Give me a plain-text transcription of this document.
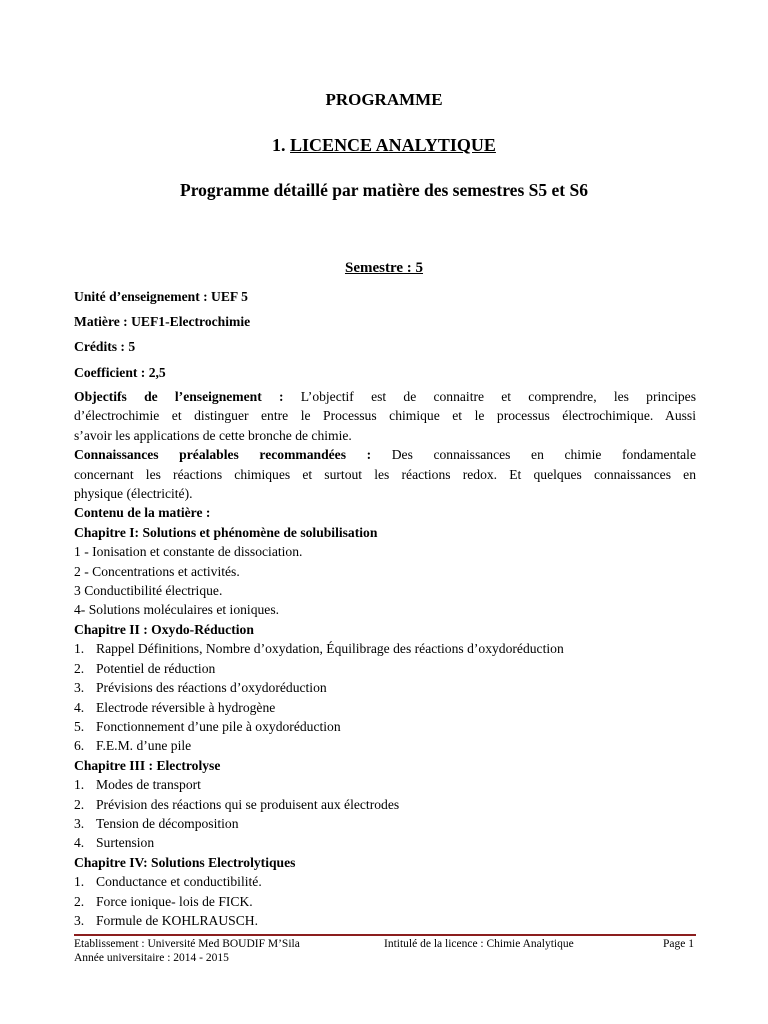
PROGRAMME
1. LICENCE ANALYTIQUE
Programme détaillé par matière des semestres S5 et S6
Semestre : 5
Unité d’enseignement : UEF 5
Matière : UEF1-Electrochimie
Crédits : 5
Coefficient : 2,5
Objectifs de l’enseignement : L’objectif est de connaitre et comprendre, les principes
d’électrochimie et distinguer entre le Processus chimique et le processus électrochimique. Aussi
s’avoir les applications de cette bronche de chimie.
Connaissances préalables recommandées : Des connaissances en chimie fondamentale
concernant les réactions chimiques et surtout les réactions redox. Et quelques connaissances en
physique (électricité).
Contenu de la matière :
Chapitre I: Solutions et phénomène de solubilisation
1 - Ionisation et constante de dissociation.
2 - Concentrations et activités.
3 Conductibilité électrique.
4- Solutions moléculaires et ioniques.
Chapitre II : Oxydo-Réduction
1. Rappel Définitions, Nombre d’oxydation, Équilibrage des réactions d’oxydoréduction
2. Potentiel de réduction
3. Prévisions des réactions d’oxydoréduction
4. Electrode réversible à hydrogène
5. Fonctionnement d’une pile à oxydoréduction
6. F.E.M. d’une pile
Chapitre III : Electrolyse
1. Modes de transport
2. Prévision des réactions qui se produisent aux électrodes
3. Tension de décomposition
4. Surtension
Chapitre IV: Solutions Electrolytiques
1. Conductance et conductibilité.
2. Force ionique- lois de FICK.
3. Formule de KOHLRAUSCH.
Etablissement : Université Med BOUDIF M’Sila
Année universitaire : 2014 - 2015
Intitulé de la licence : Chimie Analytique	Page 1
